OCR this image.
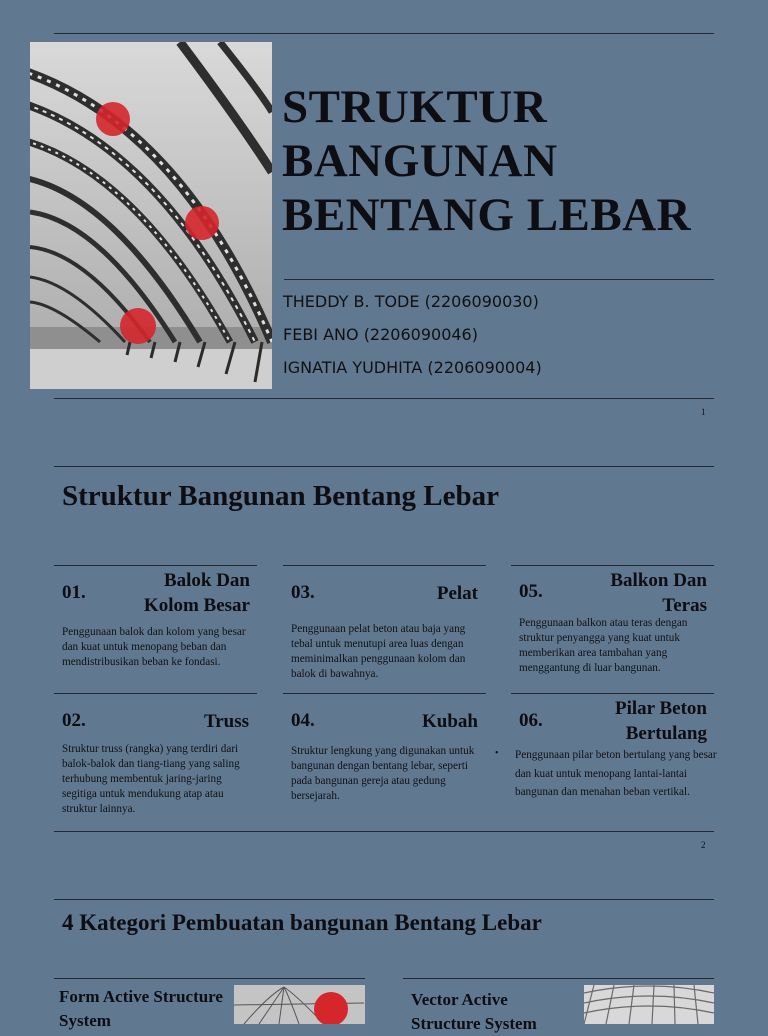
STRUKTUR
BANGUNAN
BENTANG LEBAR
THEDDY B. TODE (2206090030)
FEBI ANO (2206090046)
IGNATIA YUDHITA (2206090004)
1
Struktur Bangunan Bentang Lebar
01.
Balok Dan Kolom Besar
Penggunaan balok dan kolom yang besar dan kuat untuk menopang beban dan mendistribusikan beban ke fondasi.
03.	Pelat
Penggunaan pelat beton atau baja yang tebal untuk menutupi area luas dengan meminimalkan penggunaan kolom dan balok di bawahnya.
05.
Balkon Dan Teras
Penggunaan balkon atau teras dengan struktur penyangga yang kuat untuk memberikan area tambahan yang menggantung di luar bangunan.
02.	Truss
Struktur truss (rangka) yang terdiri dari balok-balok dan tiang-tiang yang saling terhubung membentuk jaring-jaring segitiga untuk mendukung atap atau struktur lainnya.
04.	Kubah
Struktur lengkung yang digunakan untuk bangunan dengan bentang lebar, seperti pada bangunan gereja atau gedung bersejarah.
06.
Pilar Beton Bertulang
• Penggunaan pilar beton bertulang yang besar dan kuat untuk menopang lantai-lantai bangunan dan menahan beban vertikal.
2
4 Kategori Pembuatan bangunan Bentang Lebar
Form Active Structure System
Vector Active Structure System
